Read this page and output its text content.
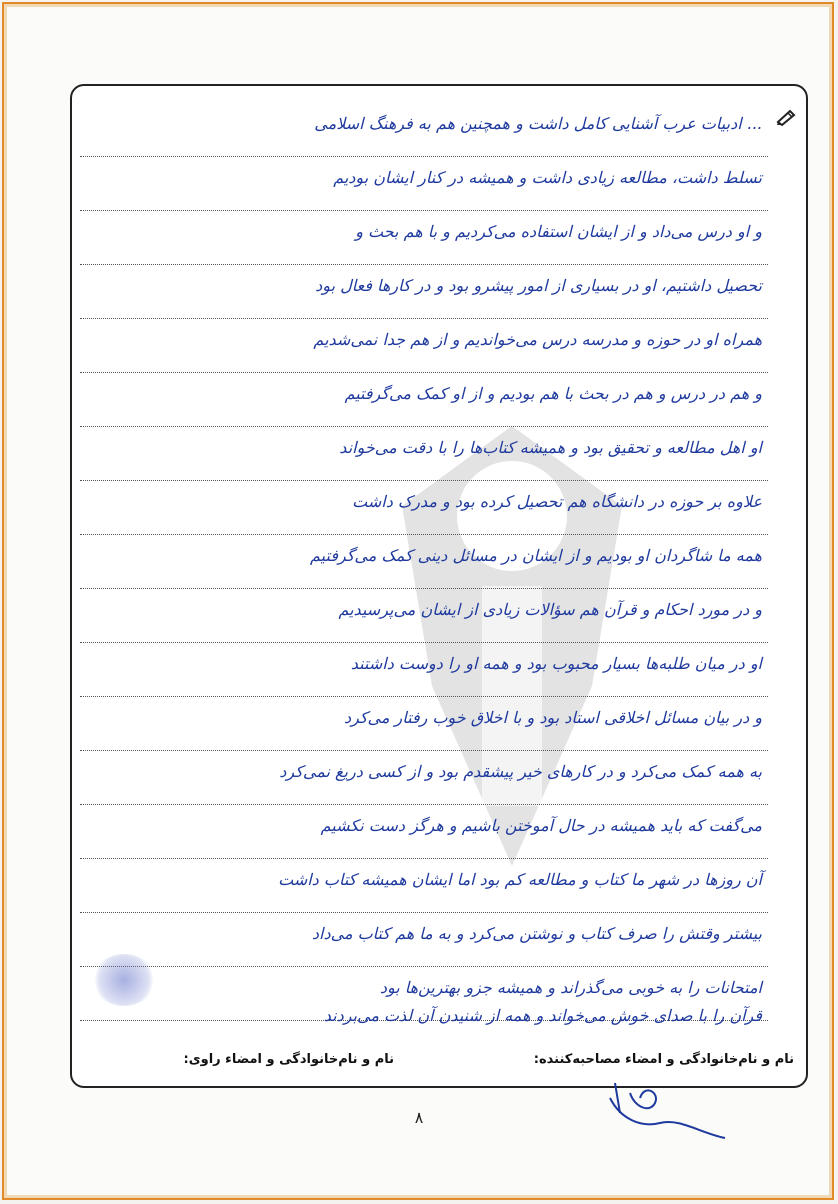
... ادبیات عرب آشنایی کامل داشت و همچنین هم به فرهنگ اسلامی
تسلط داشت، مطالعه زیادی داشت و همیشه در کنار ایشان بودیم
و او درس می‌داد و از ایشان استفاده می‌کردیم و با هم بحث و
تحصیل داشتیم، او در بسیاری از امور پیشرو بود و در کارها فعال بود
همراه او در حوزه و مدرسه درس می‌خواندیم و از هم جدا نمی‌شدیم
و هم در درس و هم در بحث با هم بودیم و از او کمک می‌گرفتیم
او اهل مطالعه و تحقیق بود و همیشه کتاب‌ها را با دقت می‌خواند
علاوه بر حوزه در دانشگاه هم تحصیل کرده بود و مدرک داشت
همه ما شاگردان او بودیم و از ایشان در مسائل دینی کمک می‌گرفتیم
و در مورد احکام و قرآن هم سؤالات زیادی از ایشان می‌پرسیدیم
او در میان طلبه‌ها بسیار محبوب بود و همه او را دوست داشتند
و در بیان مسائل اخلاقی استاد بود و با اخلاق خوب رفتار می‌کرد
به همه کمک می‌کرد و در کارهای خیر پیشقدم بود و از کسی دریغ نمی‌کرد
می‌گفت که باید همیشه در حال آموختن باشیم و هرگز دست نکشیم
آن روزها در شهر ما کتاب و مطالعه کم بود اما ایشان همیشه کتاب داشت
بیشتر وقتش را صرف کتاب و نوشتن می‌کرد و به ما هم کتاب می‌داد
امتحانات را به خوبی می‌گذراند و همیشه جزو بهترین‌ها بود
قرآن را با صدای خوش می‌خواند و همه از شنیدن آن لذت می‌بردند
نام و نام‌خانوادگی و امضاء مصاحبه‌کننده:
نام و نام‌خانوادگی و امضاء راوی:
۸
